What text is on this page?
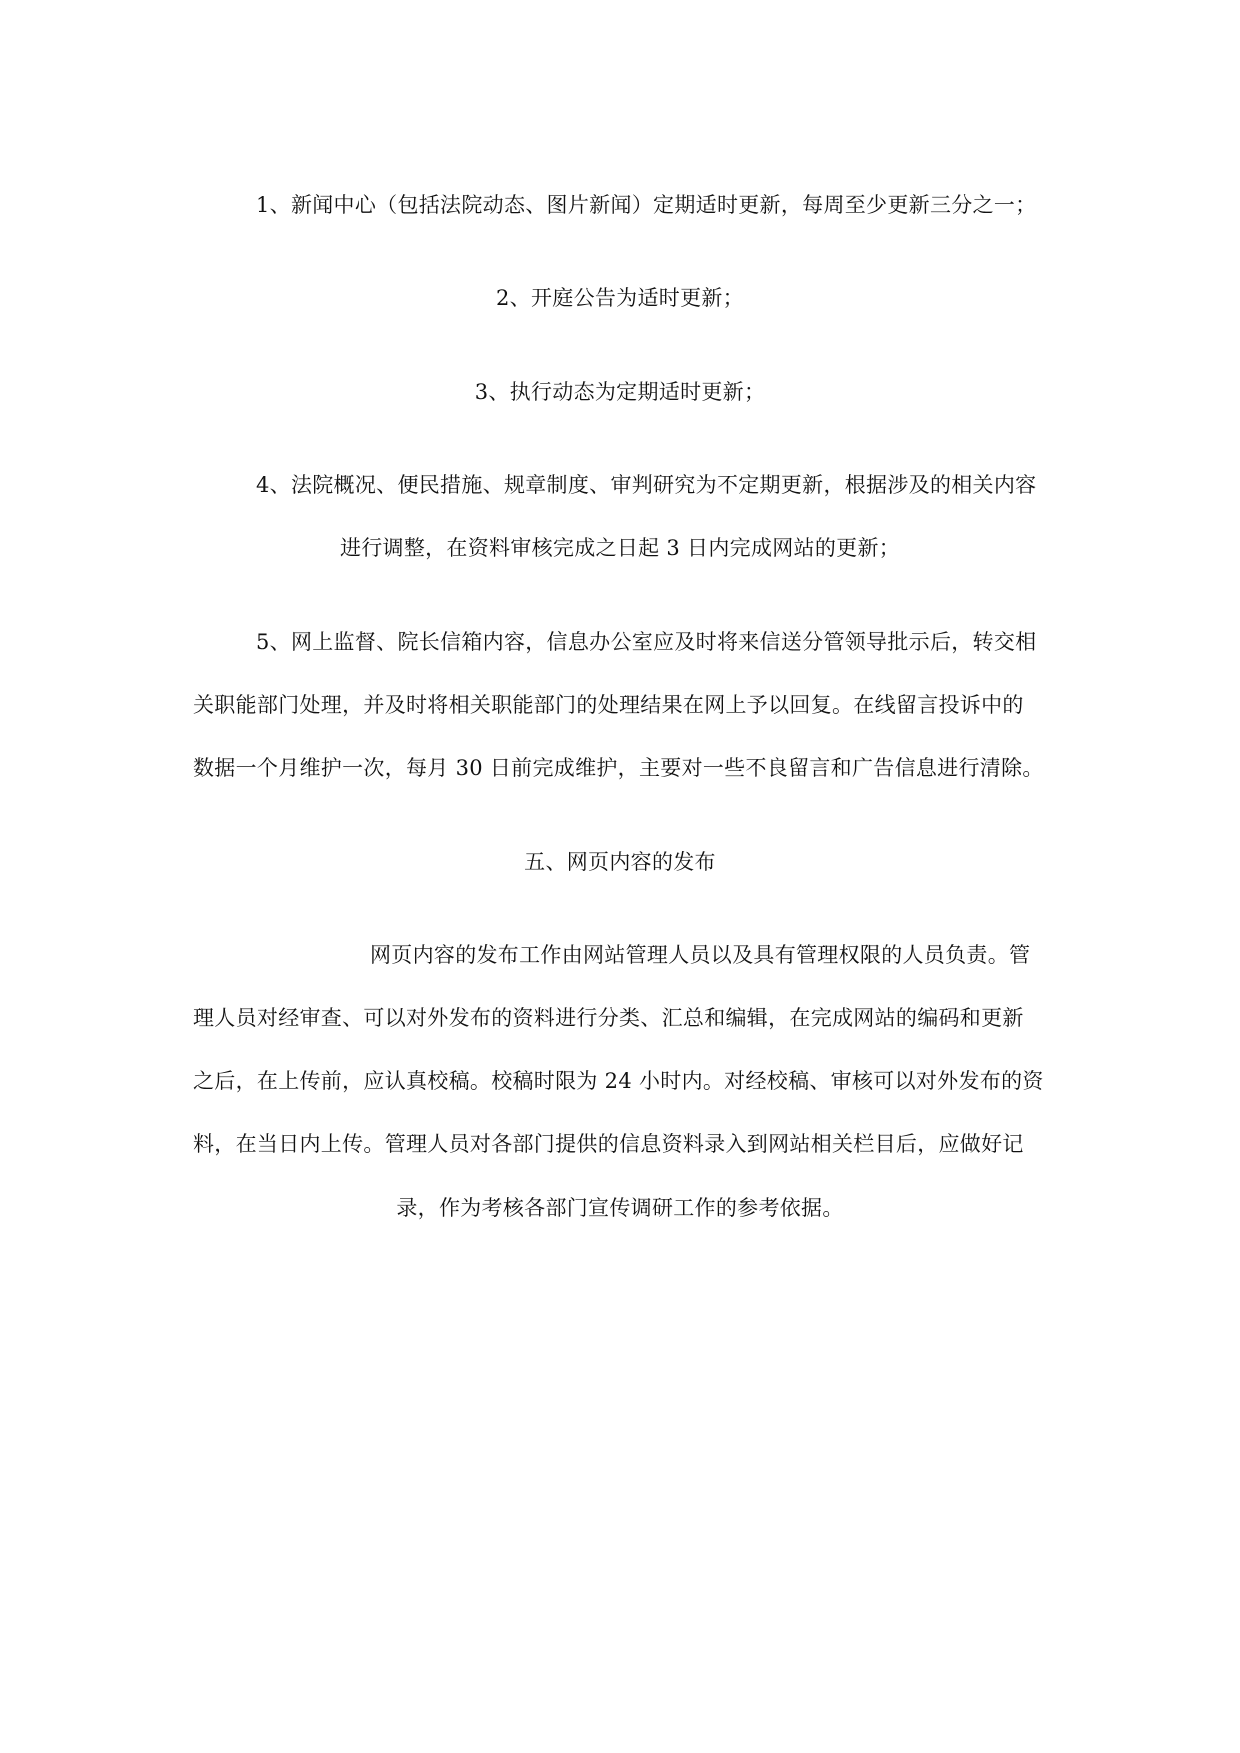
1、新闻中心（包括法院动态、图片新闻）定期适时更新，每周至少更新三分之一；
2、开庭公告为适时更新；
3、执行动态为定期适时更新；
4、法院概况、便民措施、规章制度、审判研究为不定期更新，根据涉及的相关内容
进行调整，在资料审核完成之日起 3 日内完成网站的更新；
5、网上监督、院长信箱内容，信息办公室应及时将来信送分管领导批示后，转交相
关职能部门处理，并及时将相关职能部门的处理结果在网上予以回复。在线留言投诉中的
数据一个月维护一次，每月 30 日前完成维护，主要对一些不良留言和广告信息进行清除。
五、网页内容的发布
网页内容的发布工作由网站管理人员以及具有管理权限的人员负责。管
理人员对经审查、可以对外发布的资料进行分类、汇总和编辑，在完成网站的编码和更新
之后，在上传前，应认真校稿。校稿时限为 24 小时内。对经校稿、审核可以对外发布的资
料，在当日内上传。管理人员对各部门提供的信息资料录入到网站相关栏目后，应做好记
录，作为考核各部门宣传调研工作的参考依据。
